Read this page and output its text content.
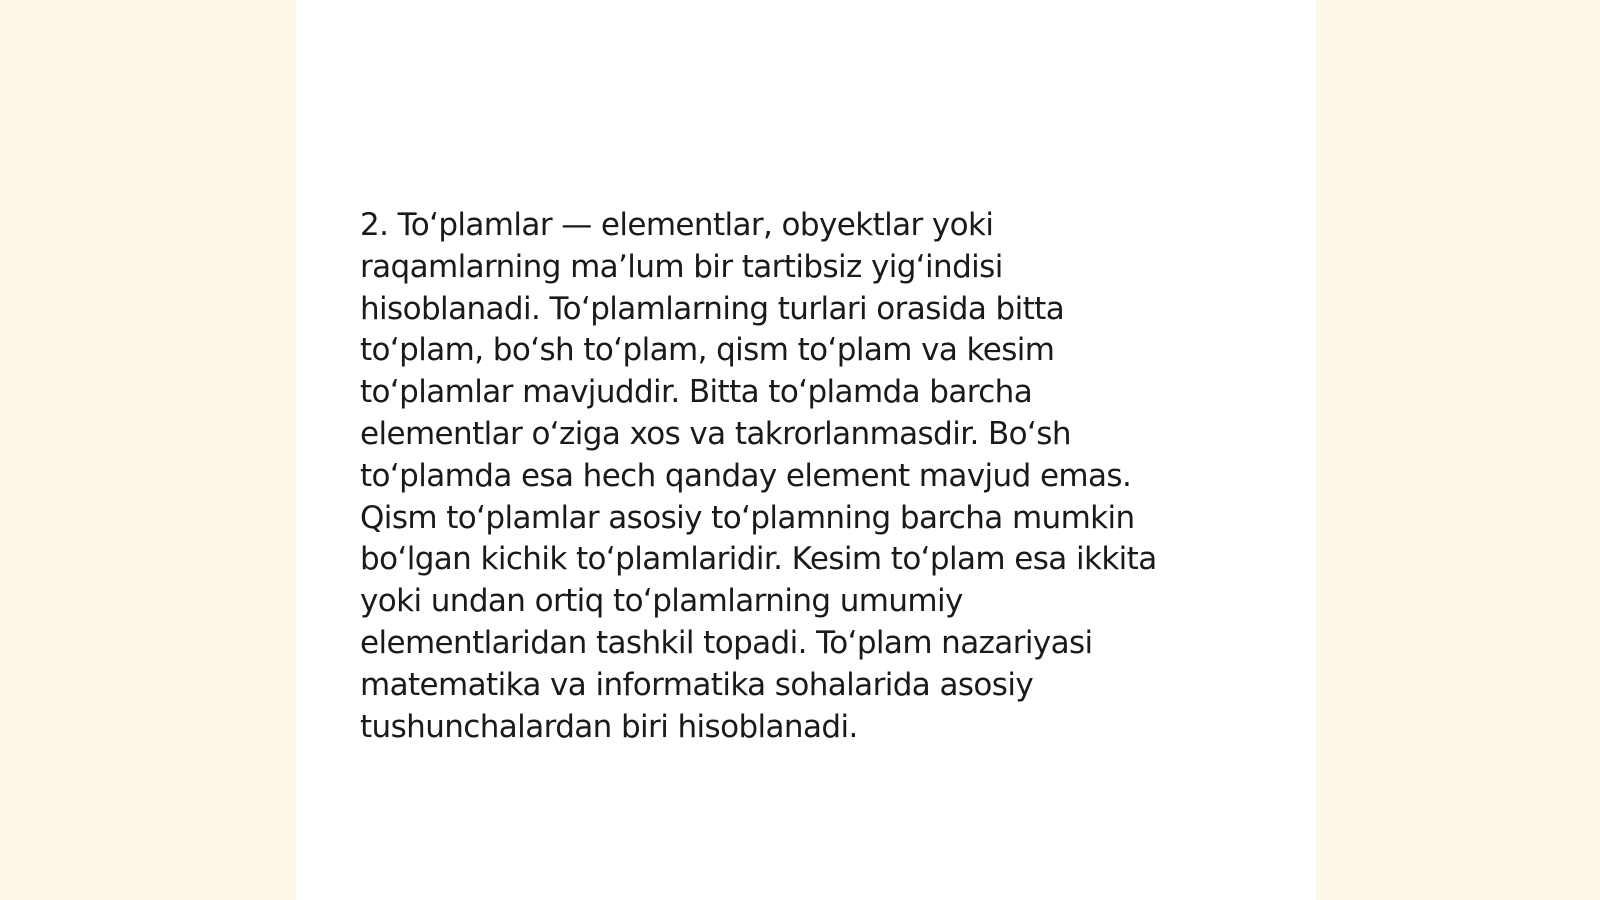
2. To‘plamlar — elementlar, obyektlar yoki
raqamlarning ma’lum bir tartibsiz yig‘indisi
hisoblanadi. To‘plamlarning turlari orasida bitta
to‘plam, bo‘sh to‘plam, qism to‘plam va kesim
to‘plamlar mavjuddir. Bitta to‘plamda barcha
elementlar o‘ziga xos va takrorlanmasdir. Bo‘sh
to‘plamda esa hech qanday element mavjud emas.
Qism to‘plamlar asosiy to‘plamning barcha mumkin
bo‘lgan kichik to‘plamlaridir. Kesim to‘plam esa ikkita
yoki undan ortiq to‘plamlarning umumiy
elementlaridan tashkil topadi. To‘plam nazariyasi
matematika va informatika sohalarida asosiy
tushunchalardan biri hisoblanadi.
